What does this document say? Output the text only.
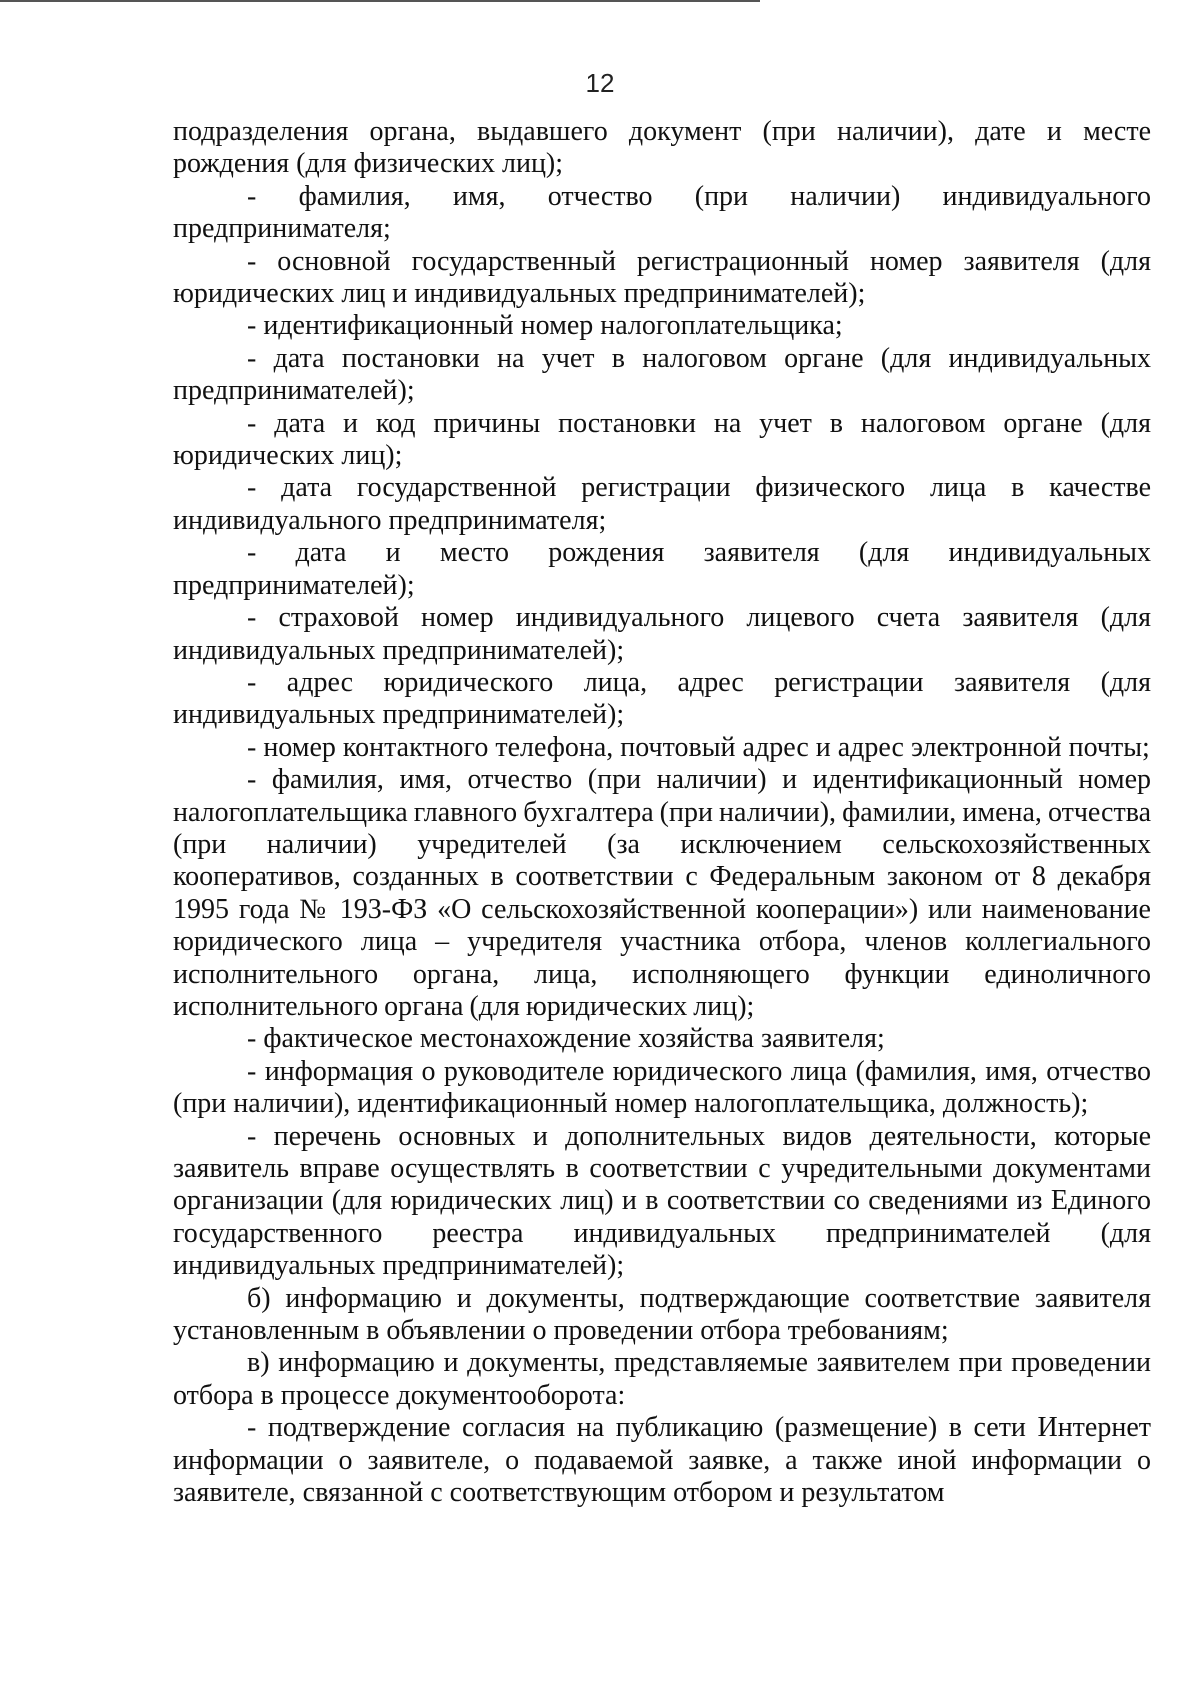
12

подразделения органа, выдавшего документ (при наличии), дате и месте рождения (для физических лиц);

- фамилия, имя, отчество (при наличии) индивидуального предпринимателя;

- основной государственный регистрационный номер заявителя (для юридических лиц и индивидуальных предпринимателей);

- идентификационный номер налогоплательщика;

- дата постановки на учет в налоговом органе (для индивидуальных предпринимателей);

- дата и код причины постановки на учет в налоговом органе (для юридических лиц);

- дата государственной регистрации физического лица в качестве индивидуального предпринимателя;

- дата и место рождения заявителя (для индивидуальных предпринимателей);

- страховой номер индивидуального лицевого счета заявителя (для индивидуальных предпринимателей);

- адрес юридического лица, адрес регистрации заявителя (для индивидуальных предпринимателей);

- номер контактного телефона, почтовый адрес и адрес электронной почты;

- фамилия, имя, отчество (при наличии) и идентификационный номер налогоплательщика главного бухгалтера (при наличии), фамилии, имена, отчества (при наличии) учредителей (за исключением сельскохозяйственных кооперативов, созданных в соответствии с Федеральным законом от 8 декабря 1995 года № 193-ФЗ «О сельскохозяйственной кооперации») или наименование юридического лица – учредителя участника отбора, членов коллегиального исполнительного органа, лица, исполняющего функции единоличного исполнительного органа (для юридических лиц);

- фактическое местонахождение хозяйства заявителя;

- информация о руководителе юридического лица (фамилия, имя, отчество (при наличии), идентификационный номер налогоплательщика, должность);

- перечень основных и дополнительных видов деятельности, которые заявитель вправе осуществлять в соответствии с учредительными документами организации (для юридических лиц) и в соответствии со сведениями из Единого государственного реестра индивидуальных предпринимателей (для индивидуальных предпринимателей);

б) информацию и документы, подтверждающие соответствие заявителя установленным в объявлении о проведении отбора требованиям;

в) информацию и документы, представляемые заявителем при проведении отбора в процессе документооборота:

- подтверждение согласия на публикацию (размещение) в сети Интернет информации о заявителе, о подаваемой заявке, а также иной информации о заявителе, связанной с соответствующим отбором и результатом
